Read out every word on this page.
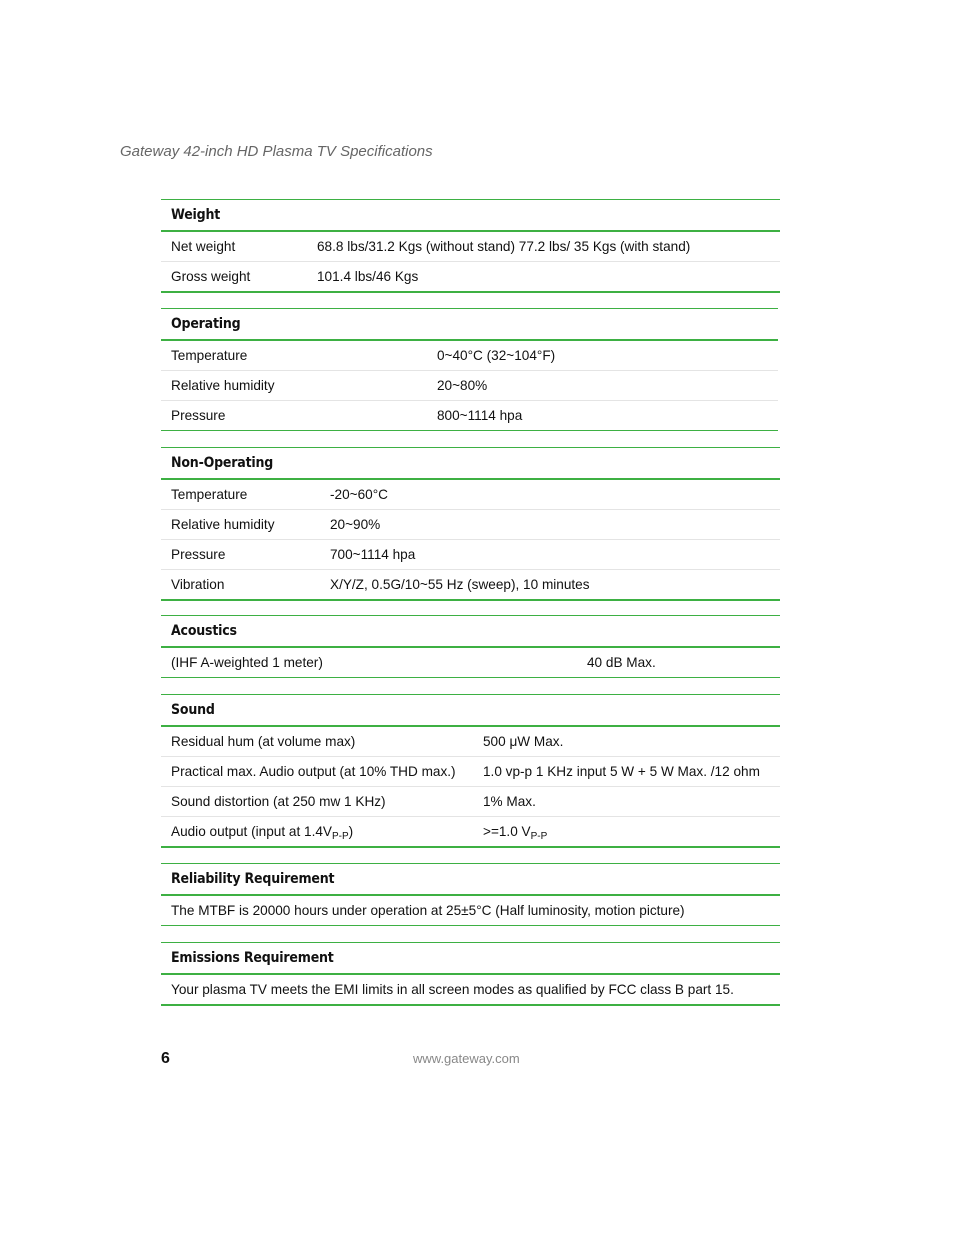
Gateway 42-inch HD Plasma TV Specifications
Weight	
Net weight	68.8 lbs/31.2 Kgs (without stand) 77.2 lbs/ 35 Kgs (with stand)
Gross weight	101.4 lbs/46 Kgs
Operating	
Temperature	0~40°C (32~104°F)
Relative humidity	20~80%
Pressure	800~1114 hpa
Non-Operating	
Temperature	-20~60°C
Relative humidity	20~90%
Pressure	700~1114 hpa
Vibration	X/Y/Z, 0.5G/10~55 Hz (sweep), 10 minutes
Acoustics
(IHF A-weighted 1 meter)	40 dB Max.
Sound	
Residual hum (at volume max)	500 μW Max.
Practical max. Audio output (at 10% THD max.)	1.0 vp-p 1 KHz input 5 W + 5 W Max. /12 ohm
Sound distortion (at 250 mw 1 KHz)	1% Max.
Audio output (input at $1.4V_{P-P}$)	>=1.0 $V_{P-P}$
Reliability Requirement
The MTBF is 20000 hours under operation at 25±5°C (Half luminosity, motion picture)
Emissions Requirement
Your plasma TV meets the EMI limits in all screen modes as qualified by FCC class B part 15.
6	www.gateway.com
